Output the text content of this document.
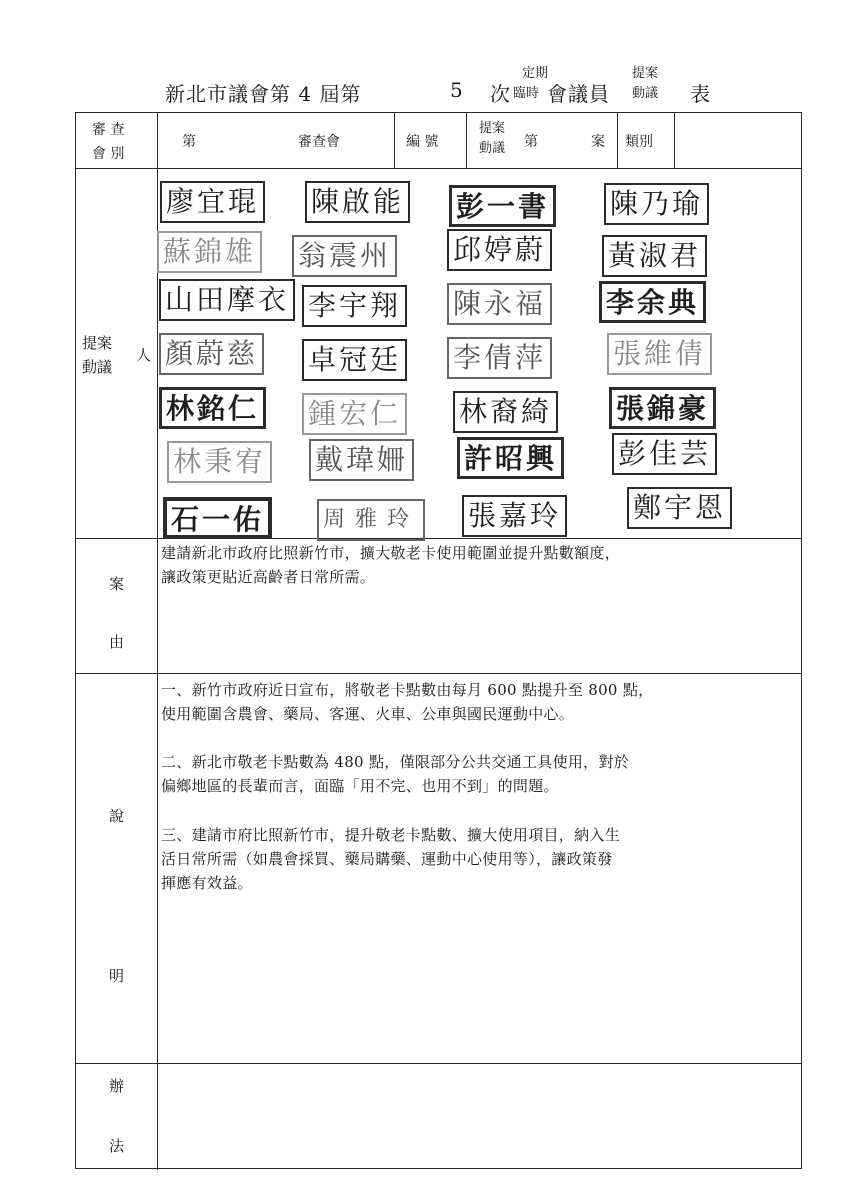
新北市議會第 4 屆第	5 次
定期
臨時 會議員
提案
動議 表
審 查
會 別
第	審查會	編 號
提案
動議 第	案 類別
提案
動議
人
廖宜琨 陳啟能 彭一書 陳乃瑜
蘇錦雄 翁震州 邱婷蔚 黃淑君
山田摩衣 李宇翔 陳永福 李余典
顏蔚慈 卓冠廷 李倩萍 張維倩
林銘仁 鍾宏仁 林裔綺 張錦豪
林秉宥 戴瑋姍 許昭興 彭佳芸
石一佑	周雅玲 張嘉玲	鄭宇恩
案
由
建請新北市政府比照新竹市，擴大敬老卡使用範圍並提升點數額度，
讓政策更貼近高齡者日常所需。
說
明
一、新竹市政府近日宣布，將敬老卡點數由每月 600 點提升至 800 點，
使用範圍含農會、藥局、客運、火車、公車與國民運動中心。
二、新北市敬老卡點數為 480 點，僅限部分公共交通工具使用，對於
偏鄉地區的長輩而言，面臨「用不完、也用不到」的問題。
三、建請市府比照新竹市，提升敬老卡點數、擴大使用項目，納入生
活日常所需（如農會採買、藥局購藥、運動中心使用等），讓政策發
揮應有效益。
辦
法
